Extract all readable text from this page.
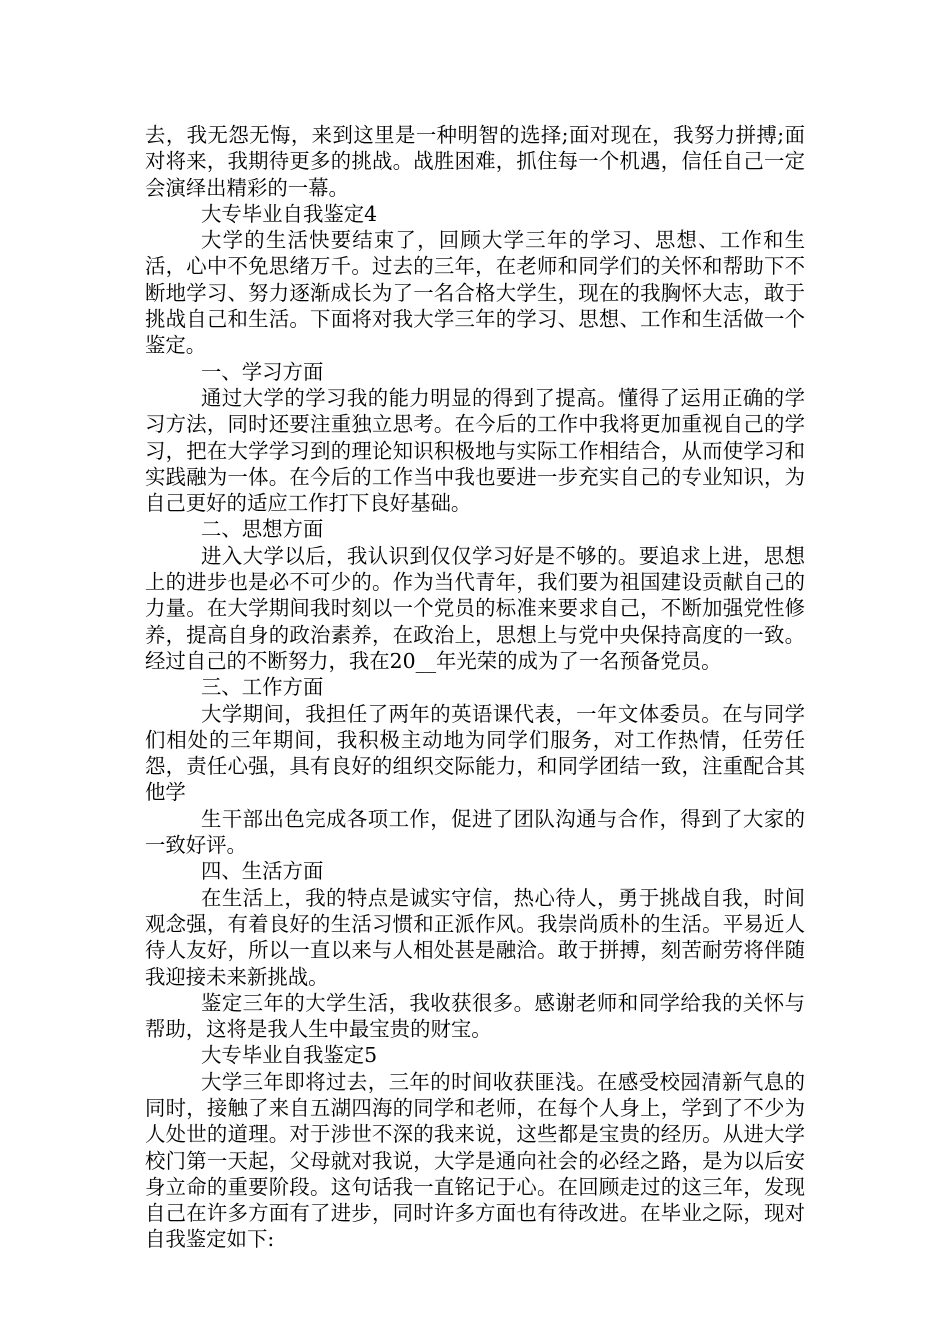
去，我无怨无悔，来到这里是一种明智的选择;面对现在，我努力拼搏;面对将来，我期待更多的挑战。战胜困难，抓住每一个机遇，信任自己一定会演绎出精彩的一幕。

大专毕业自我鉴定4

大学的生活快要结束了，回顾大学三年的学习、思想、工作和生活，心中不免思绪万千。过去的三年，在老师和同学们的关怀和帮助下不断地学习、努力逐渐成长为了一名合格大学生，现在的我胸怀大志，敢于挑战自己和生活。下面将对我大学三年的学习、思想、工作和生活做一个鉴定。

一、学习方面

通过大学的学习我的能力明显的得到了提高。懂得了运用正确的学习方法，同时还要注重独立思考。在今后的工作中我将更加重视自己的学习，把在大学学习到的理论知识积极地与实际工作相结合，从而使学习和实践融为一体。在今后的工作当中我也要进一步充实自己的专业知识，为自己更好的适应工作打下良好基础。

二、思想方面

进入大学以后，我认识到仅仅学习好是不够的。要追求上进，思想上的进步也是必不可少的。作为当代青年，我们要为祖国建设贡献自己的力量。在大学期间我时刻以一个党员的标准来要求自己，不断加强党性修养，提高自身的政治素养，在政治上，思想上与党中央保持高度的一致。经过自己的不断努力，我在20__年光荣的成为了一名预备党员。

三、工作方面

大学期间，我担任了两年的英语课代表，一年文体委员。在与同学们相处的三年期间，我积极主动地为同学们服务，对工作热情，任劳任怨，责任心强，具有良好的组织交际能力，和同学团结一致，注重配合其他学

生干部出色完成各项工作，促进了团队沟通与合作，得到了大家的一致好评。

四、生活方面

在生活上，我的特点是诚实守信，热心待人，勇于挑战自我，时间观念强，有着良好的生活习惯和正派作风。我崇尚质朴的生活。平易近人待人友好，所以一直以来与人相处甚是融洽。敢于拼搏，刻苦耐劳将伴随我迎接未来新挑战。

鉴定三年的大学生活，我收获很多。感谢老师和同学给我的关怀与帮助，这将是我人生中最宝贵的财宝。

大专毕业自我鉴定5

大学三年即将过去，三年的时间收获匪浅。在感受校园清新气息的同时，接触了来自五湖四海的同学和老师，在每个人身上，学到了不少为人处世的道理。对于涉世不深的我来说，这些都是宝贵的经历。从进大学校门第一天起，父母就对我说，大学是通向社会的必经之路，是为以后安身立命的重要阶段。这句话我一直铭记于心。在回顾走过的这三年，发现自己在许多方面有了进步，同时许多方面也有待改进。在毕业之际，现对自我鉴定如下:
